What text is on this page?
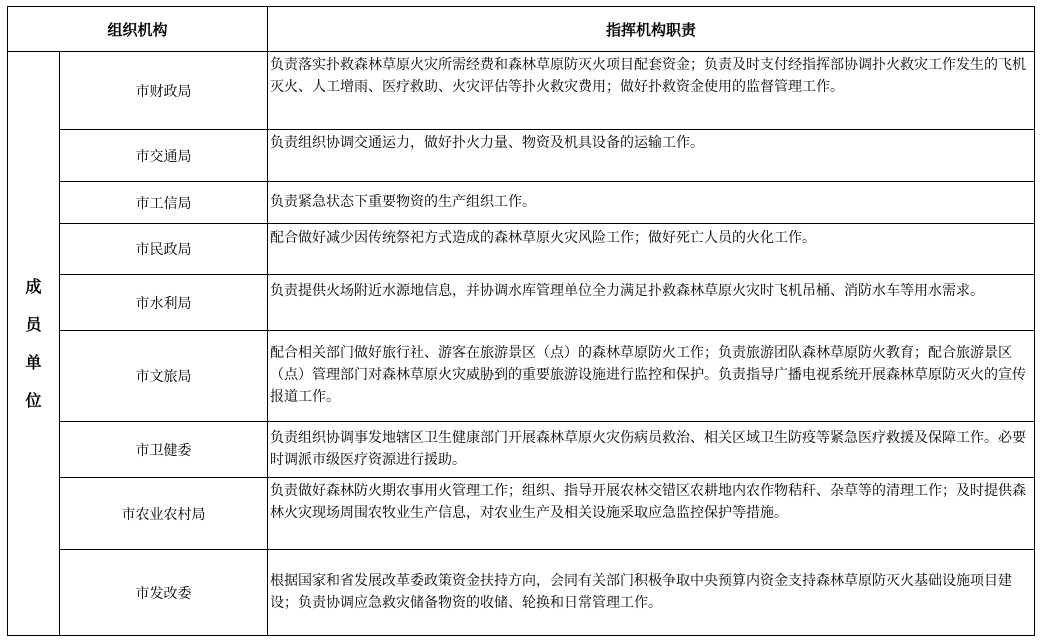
组织机构		指挥机构职责

成
员
单
位	市财政局	负责落实扑救森林草原火灾所需经费和森林草原防灭火项目配套资金；负责及时支付经指挥部协调扑火救灾工作发生的飞机灭火、人工增雨、医疗救助、火灾评估等扑火救灾费用；做好扑救资金使用的监督管理工作。
	市交通局	负责组织协调交通运力，做好扑火力量、物资及机具设备的运输工作。
	市工信局	负责紧急状态下重要物资的生产组织工作。
	市民政局	配合做好减少因传统祭祀方式造成的森林草原火灾风险工作；做好死亡人员的火化工作。
	市水利局	负责提供火场附近水源地信息，并协调水库管理单位全力满足扑救森林草原火灾时飞机吊桶、消防水车等用水需求。
	市文旅局	配合相关部门做好旅行社、游客在旅游景区（点）的森林草原防火工作；负责旅游团队森林草原防火教育；配合旅游景区（点）管理部门对森林草原火灾威胁到的重要旅游设施进行监控和保护。负责指导广播电视系统开展森林草原防灭火的宣传报道工作。
	市卫健委	负责组织协调事发地辖区卫生健康部门开展森林草原火灾伤病员救治、相关区域卫生防疫等紧急医疗救援及保障工作。必要时调派市级医疗资源进行援助。
	市农业农村局	负责做好森林防火期农事用火管理工作；组织、指导开展农林交错区农耕地内农作物秸秆、杂草等的清理工作；及时提供森林火灾现场周围农牧业生产信息，对农业生产及相关设施采取应急监控保护等措施。
	市发改委	根据国家和省发展改革委政策资金扶持方向，会同有关部门积极争取中央预算内资金支持森林草原防灭火基础设施项目建设；负责协调应急救灾储备物资的收储、轮换和日常管理工作。
